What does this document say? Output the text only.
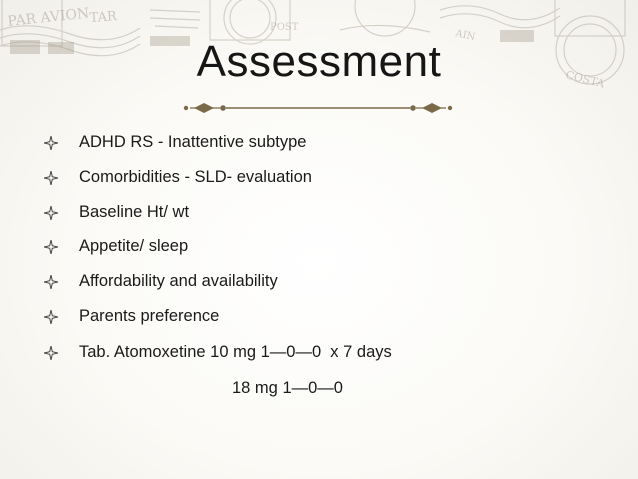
PAR AVION TAR
POST
AIN
COSTA
Assessment
ADHD RS - Inattentive subtype
Comorbidities - SLD- evaluation
Baseline Ht/ wt
Appetite/ sleep
Affordability and availability
Parents preference
Tab. Atomoxetine 10 mg 1—0—0  x 7 days
18 mg 1—0—0
